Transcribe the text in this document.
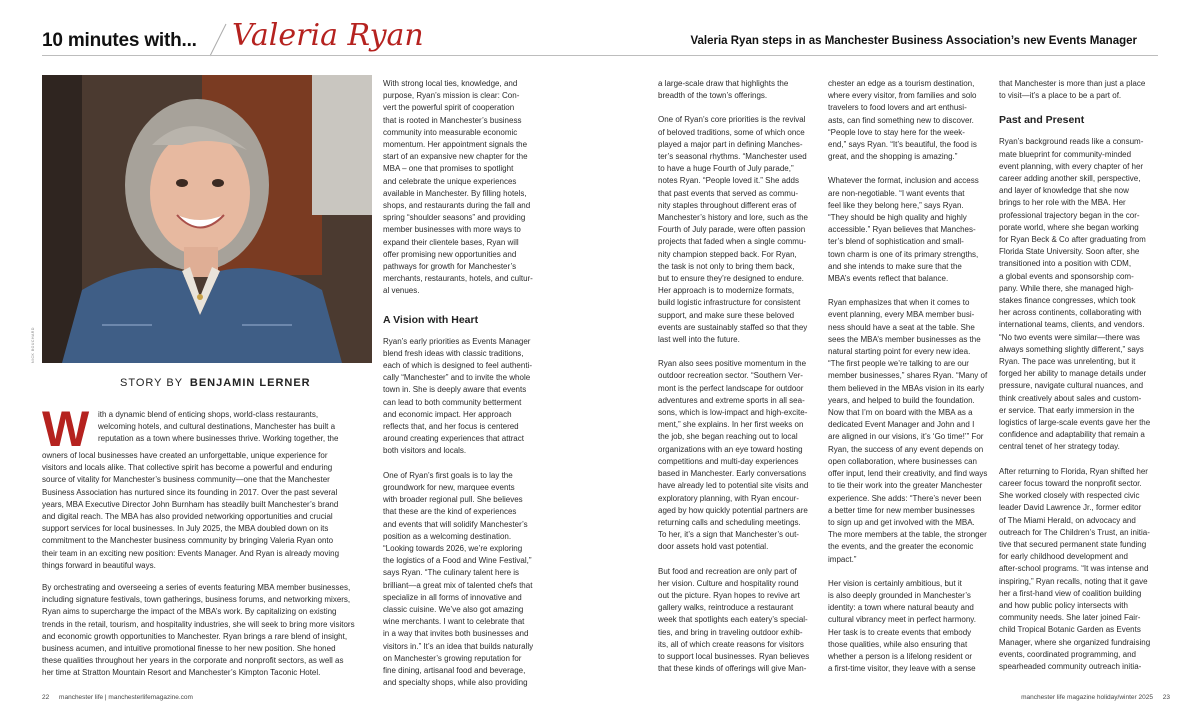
10 minutes with... Valeria Ryan	Valeria Ryan steps in as Manchester Business Association’s new Events Manager
NICK BOUCHARD
STORY BY BENJAMIN LERNER
W	ith a dynamic blend of enticing shops, world-class restaurants,
welcoming hotels, and cultural destinations, Manchester has built a
reputation as a town where businesses thrive. Working together, the
owners of local businesses have created an unforgettable, unique experience for
visitors and locals alike. That collective spirit has become a powerful and enduring
source of vitality for Manchester’s business community—one that the Manchester
Business Association has nurtured since its founding in 2017. Over the past several
years, MBA Executive Director John Burnham has steadily built Manchester’s brand
and digital reach. The MBA has also provided networking opportunities and crucial
support services for local businesses. In July 2025, the MBA doubled down on its
commitment to the Manchester business community by bringing Valeria Ryan onto
their team in an exciting new position: Events Manager. And Ryan is already moving
things forward in beautiful ways.
By orchestrating and overseeing a series of events featuring MBA member businesses,
including signature festivals, town gatherings, business forums, and networking mixers,
Ryan aims to supercharge the impact of the MBA’s work. By capitalizing on existing
trends in the retail, tourism, and hospitality industries, she will seek to bring more visitors
and economic growth opportunities to Manchester. Ryan brings a rare blend of insight,
business acumen, and intuitive promotional finesse to her new position. She honed
these qualities throughout her years in the corporate and nonprofit sectors, as well as
her time at Stratton Mountain Resort and Manchester’s Kimpton Taconic Hotel.
With strong local ties, knowledge, and
purpose, Ryan’s mission is clear: Con-
vert the powerful spirit of cooperation
that is rooted in Manchester’s business
community into measurable economic
momentum. Her appointment signals the
start of an expansive new chapter for the
MBA – one that promises to spotlight
and celebrate the unique experiences
available in Manchester. By filling hotels,
shops, and restaurants during the fall and
spring “shoulder seasons” and providing
member businesses with more ways to
expand their clientele bases, Ryan will
offer promising new opportunities and
pathways for growth for Manchester’s
merchants, restaurants, hotels, and cultur-
al venues.
A Vision with Heart
Ryan’s early priorities as Events Manager
blend fresh ideas with classic traditions,
each of which is designed to feel authenti-
cally “Manchester” and to invite the whole
town in. She is deeply aware that events
can lead to both community betterment
and economic impact. Her approach
reflects that, and her focus is centered
around creating experiences that attract
both visitors and locals.
One of Ryan’s first goals is to lay the
groundwork for new, marquee events
with broader regional pull. She believes
that these are the kind of experiences
and events that will solidify Manchester’s
position as a welcoming destination.
“Looking towards 2026, we’re exploring
the logistics of a Food and Wine Festival,”
says Ryan. “The culinary talent here is
brilliant—a great mix of talented chefs that
specialize in all forms of innovative and
classic cuisine. We’ve also got amazing
wine merchants. I want to celebrate that
in a way that invites both businesses and
visitors in.” It’s an idea that builds naturally
on Manchester’s growing reputation for
fine dining, artisanal food and beverage,
and specialty shops, while also providing
a large-scale draw that highlights the
breadth of the town’s offerings.
One of Ryan’s core priorities is the revival
of beloved traditions, some of which once
played a major part in defining Manches-
ter’s seasonal rhythms. “Manchester used
to have a huge Fourth of July parade,”
notes Ryan. “People loved it.” She adds
that past events that served as commu-
nity staples throughout different eras of
Manchester’s history and lore, such as the
Fourth of July parade, were often passion
projects that faded when a single commu-
nity champion stepped back. For Ryan,
the task is not only to bring them back,
but to ensure they’re designed to endure.
Her approach is to modernize formats,
build logistic infrastructure for consistent
support, and make sure these beloved
events are sustainably staffed so that they
last well into the future.
Ryan also sees positive momentum in the
outdoor recreation sector. “Southern Ver-
mont is the perfect landscape for outdoor
adventures and extreme sports in all sea-
sons, which is low-impact and high-excite-
ment,” she explains. In her first weeks on
the job, she began reaching out to local
organizations with an eye toward hosting
competitions and multi-day experiences
based in Manchester. Early conversations
have already led to potential site visits and
exploratory planning, with Ryan encour-
aged by how quickly potential partners are
returning calls and scheduling meetings.
To her, it’s a sign that Manchester’s out-
door assets hold vast potential.
But food and recreation are only part of
her vision. Culture and hospitality round
out the picture. Ryan hopes to revive art
gallery walks, reintroduce a restaurant
week that spotlights each eatery’s special-
ties, and bring in traveling outdoor exhib-
its, all of which create reasons for visitors
to support local businesses. Ryan believes
that these kinds of offerings will give Man-
chester an edge as a tourism destination,
where every visitor, from families and solo
travelers to food lovers and art enthusi-
asts, can find something new to discover.
“People love to stay here for the week-
end,” says Ryan. “It’s beautiful, the food is
great, and the shopping is amazing.”
Whatever the format, inclusion and access
are non-negotiable. “I want events that
feel like they belong here,” says Ryan.
“They should be high quality and highly
accessible.” Ryan believes that Manches-
ter’s blend of sophistication and small-
town charm is one of its primary strengths,
and she intends to make sure that the
MBA’s events reflect that balance.
Ryan emphasizes that when it comes to
event planning, every MBA member busi-
ness should have a seat at the table. She
sees the MBA’s member businesses as the
natural starting point for every new idea.
“The first people we’re talking to are our
member businesses,” shares Ryan. “Many of
them believed in the MBAs vision in its early
years, and helped to build the foundation.
Now that I’m on board with the MBA as a
dedicated Event Manager and John and I
are aligned in our visions, it’s ‘Go time!’” For
Ryan, the success of any event depends on
open collaboration, where businesses can
offer input, lend their creativity, and find ways
to tie their work into the greater Manchester
experience. She adds: “There’s never been
a better time for new member businesses
to sign up and get involved with the MBA.
The more members at the table, the stronger
the events, and the greater the economic
impact.”
Her vision is certainly ambitious, but it
is also deeply grounded in Manchester’s
identity: a town where natural beauty and
cultural vibrancy meet in perfect harmony.
Her task is to create events that embody
those qualities, while also ensuring that
whether a person is a lifelong resident or
a first-time visitor, they leave with a sense
that Manchester is more than just a place
to visit—it’s a place to be a part of.
Past and Present
Ryan’s background reads like a consum-
mate blueprint for community-minded
event planning, with every chapter of her
career adding another skill, perspective,
and layer of knowledge that she now
brings to her role with the MBA. Her
professional trajectory began in the cor-
porate world, where she began working
for Ryan Beck & Co after graduating from
Florida State University. Soon after, she
transitioned into a position with CDM,
a global events and sponsorship com-
pany. While there, she managed high-
stakes finance congresses, which took
her across continents, collaborating with
international teams, clients, and vendors.
“No two events were similar—there was
always something slightly different,” says
Ryan. The pace was unrelenting, but it
forged her ability to manage details under
pressure, navigate cultural nuances, and
think creatively about sales and custom-
er service. That early immersion in the
logistics of large-scale events gave her the
confidence and adaptability that remain a
central tenet of her strategy today.
After returning to Florida, Ryan shifted her
career focus toward the nonprofit sector.
She worked closely with respected civic
leader David Lawrence Jr., former editor
of The Miami Herald, on advocacy and
outreach for The Children’s Trust, an initia-
tive that secured permanent state funding
for early childhood development and
after-school programs. “It was intense and
inspiring,” Ryan recalls, noting that it gave
her a first-hand view of coalition building
and how public policy intersects with
community needs. She later joined Fair-
child Tropical Botanic Garden as Events
Manager, where she organized fundraising
events, coordinated programming, and
spearheaded community outreach initia-
22 manchester life | manchesterlifemagazine.com	manchester life magazine holiday/winter 2025 23
